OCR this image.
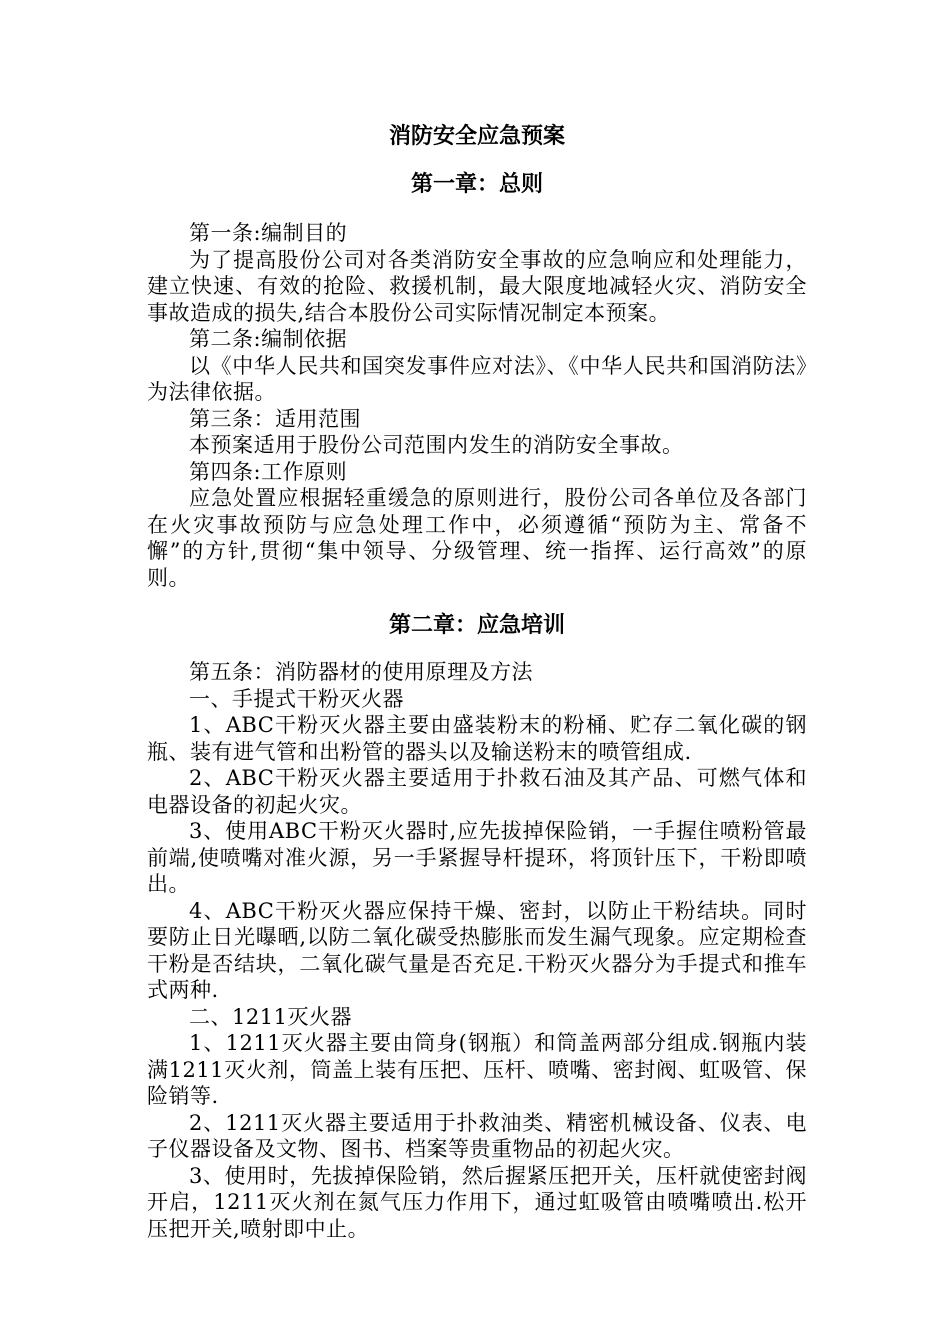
消防安全应急预案
第一章：总则

第一条:编制目的

为了提高股份公司对各类消防安全事故的应急响应和处理能力，建立快速、有效的抢险、救援机制，最大限度地减轻火灾、消防安全事故造成的损失,结合本股份公司实际情况制定本预案。

第二条:编制依据

以《中华人民共和国突发事件应对法》、《中华人民共和国消防法》为法律依据。

第三条：适用范围

本预案适用于股份公司范围内发生的消防安全事故。

第四条:工作原则

应急处置应根据轻重缓急的原则进行，股份公司各单位及各部门在火灾事故预防与应急处理工作中，必须遵循“预防为主、常备不懈”的方针,贯彻“集中领导、分级管理、统一指挥、运行高效”的原则。

第二章：应急培训

第五条：消防器材的使用原理及方法

一、手提式干粉灭火器

1、ABC干粉灭火器主要由盛装粉末的粉桶、贮存二氧化碳的钢瓶、装有进气管和出粉管的器头以及输送粉末的喷管组成.

2、ABC干粉灭火器主要适用于扑救石油及其产品、可燃气体和电器设备的初起火灾。

3、使用ABC干粉灭火器时,应先拔掉保险销，一手握住喷粉管最前端,使喷嘴对准火源，另一手紧握导杆提环，将顶针压下，干粉即喷出。

4、ABC干粉灭火器应保持干燥、密封，以防止干粉结块。同时要防止日光曝晒,以防二氧化碳受热膨胀而发生漏气现象。应定期检查干粉是否结块，二氧化碳气量是否充足.干粉灭火器分为手提式和推车式两种.

二、1211灭火器

1、1211灭火器主要由筒身(钢瓶）和筒盖两部分组成.钢瓶内装满1211灭火剂，筒盖上装有压把、压杆、喷嘴、密封阀、虹吸管、保险销等.

2、1211灭火器主要适用于扑救油类、精密机械设备、仪表、电子仪器设备及文物、图书、档案等贵重物品的初起火灾。

3、使用时，先拔掉保险销，然后握紧压把开关，压杆就使密封阀开启，1211灭火剂在氮气压力作用下，通过虹吸管由喷嘴喷出.松开压把开关,喷射即中止。
